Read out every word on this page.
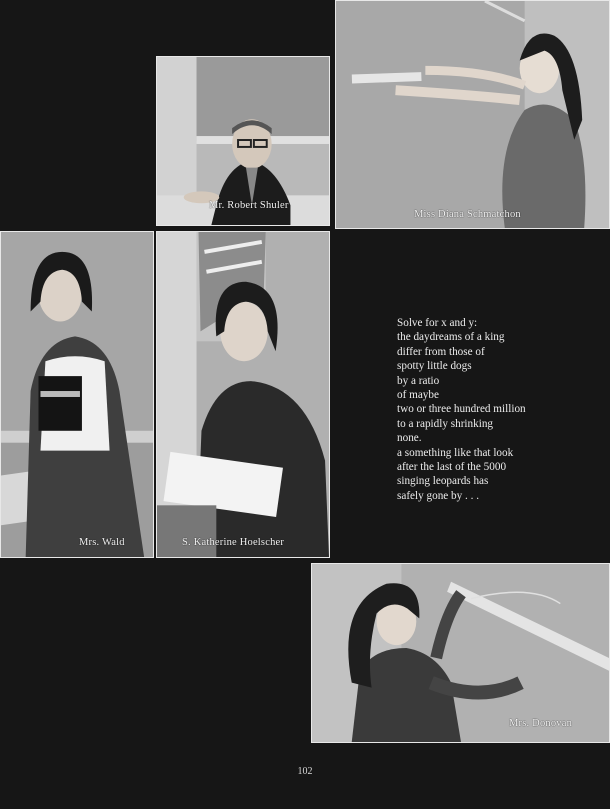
Mr. Robert Shuler
Miss Diana Schmatchon
Mrs. Wald	S. Katherine Hoelscher
Solve for x and y:
the daydreams of a king
differ from those of
spotty little dogs
by a ratio
of maybe
two or three hundred million
to a rapidly shrinking
none.
a something like that look
after the last of the 5000
singing leopards has
safely gone by . . .
Mrs. Donovan
102
